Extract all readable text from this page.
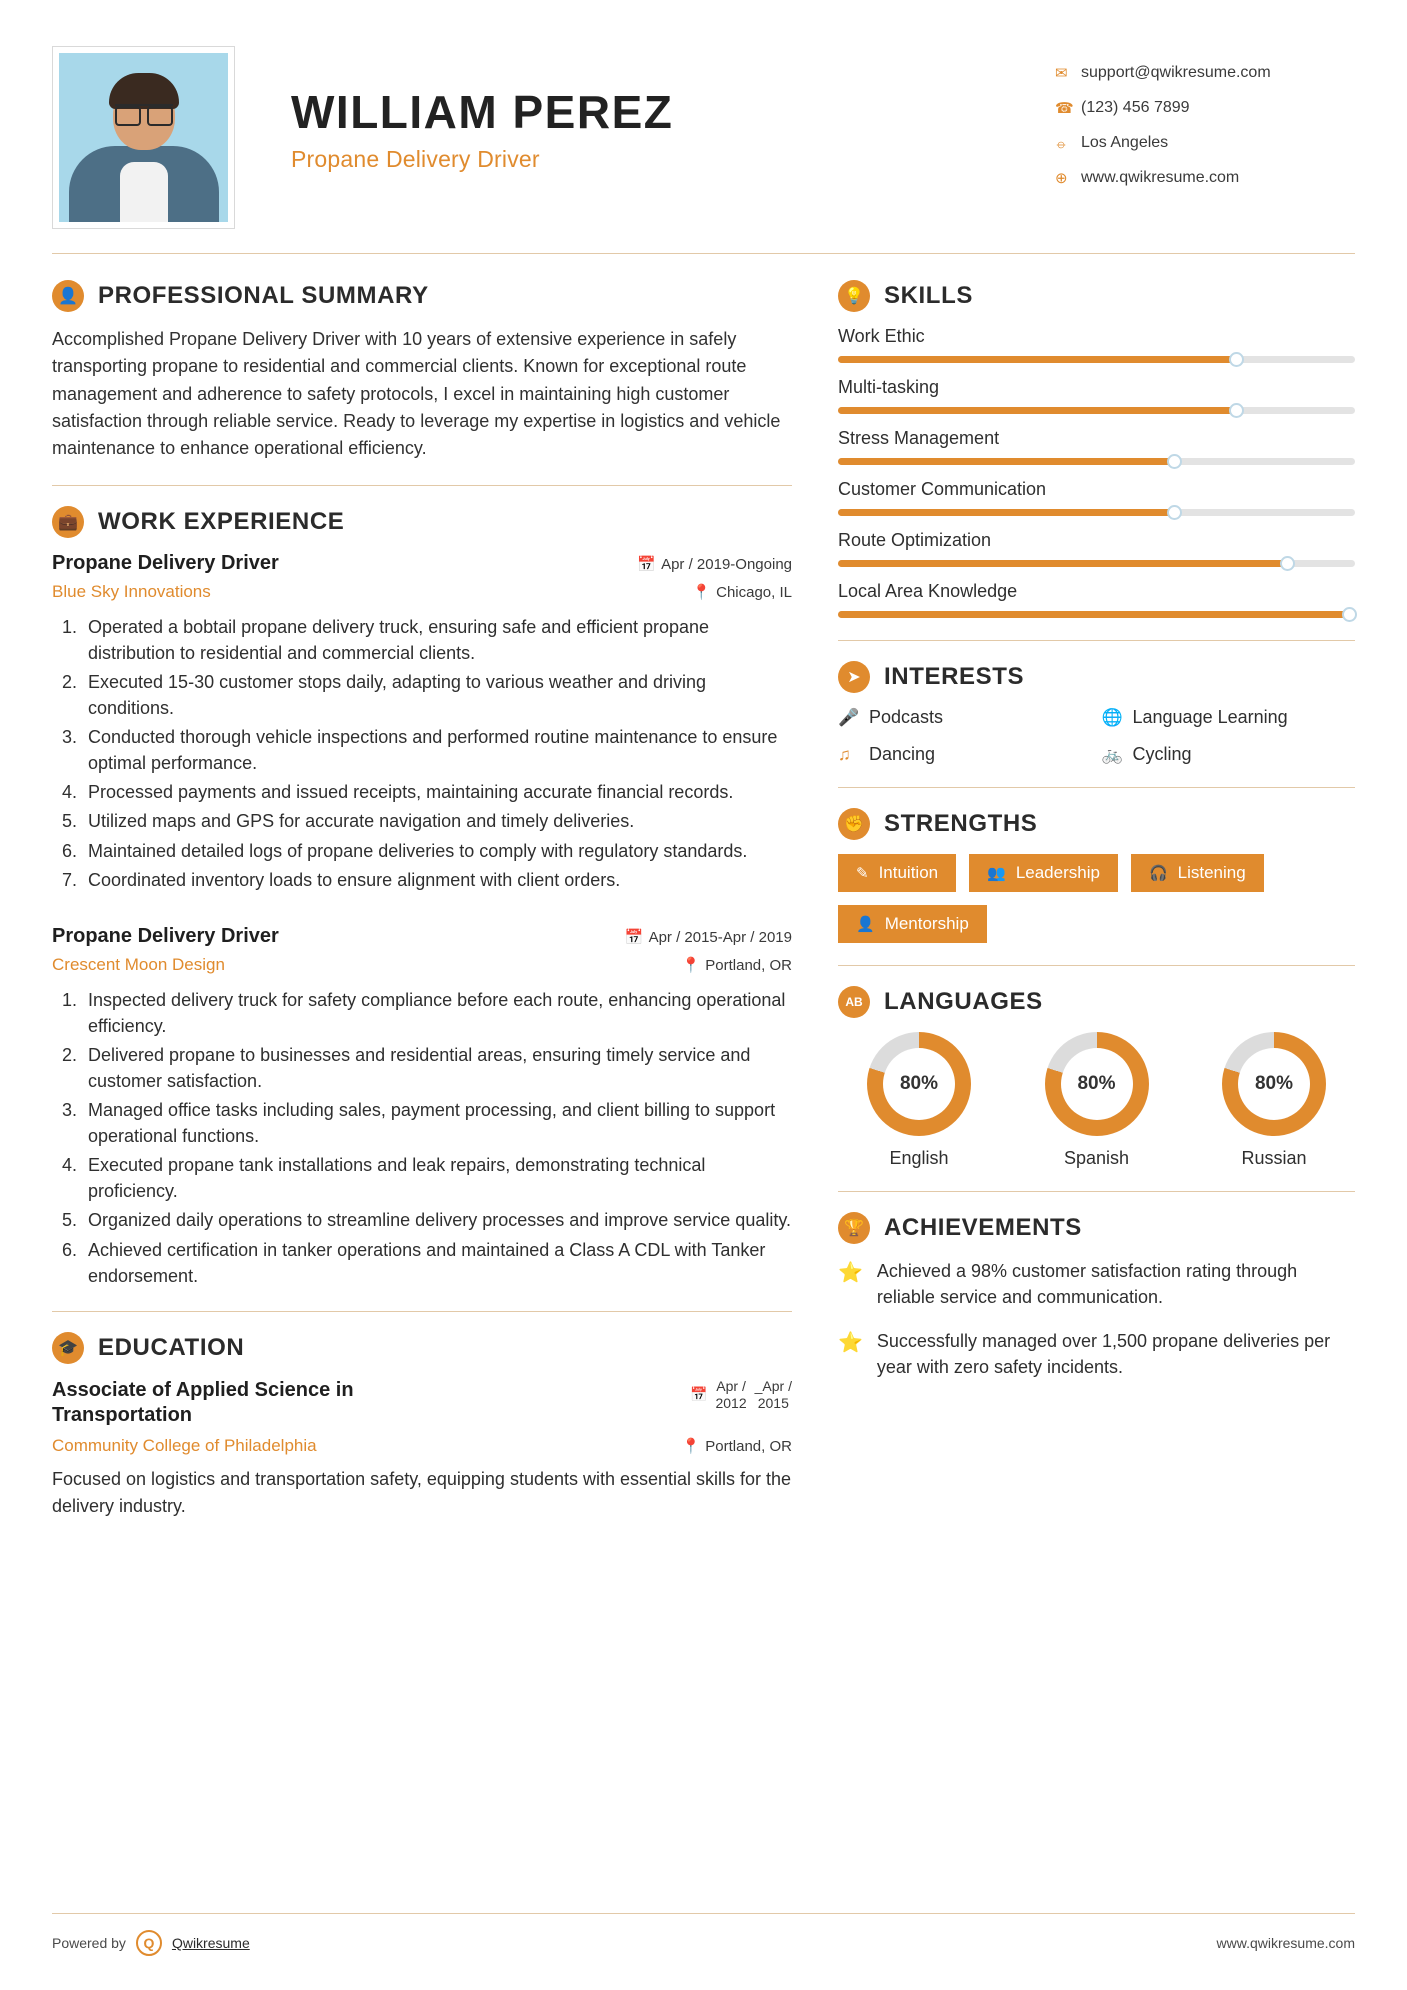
WILLIAM PEREZ
Propane Delivery Driver
✉ support@qwikresume.com
☎ (123) 456 7899
⦵ Los Angeles
⊕ www.qwikresume.com
👤 PROFESSIONAL SUMMARY
Accomplished Propane Delivery Driver with 10 years of extensive experience in safely transporting propane to residential and commercial clients. Known for exceptional route management and adherence to safety protocols, I excel in maintaining high customer satisfaction through reliable service. Ready to leverage my expertise in logistics and vehicle maintenance to enhance operational efficiency.
💼 WORK EXPERIENCE
Propane Delivery Driver	📅 Apr / 2019-Ongoing
Blue Sky Innovations	📍 Chicago, IL
1. Operated a bobtail propane delivery truck, ensuring safe and efficient propane distribution to residential and commercial clients.
2. Executed 15-30 customer stops daily, adapting to various weather and driving conditions.
3. Conducted thorough vehicle inspections and performed routine maintenance to ensure optimal performance.
4. Processed payments and issued receipts, maintaining accurate financial records.
5. Utilized maps and GPS for accurate navigation and timely deliveries.
6. Maintained detailed logs of propane deliveries to comply with regulatory standards.
7. Coordinated inventory loads to ensure alignment with client orders.
Propane Delivery Driver	📅 Apr / 2015-Apr / 2019
Crescent Moon Design	📍 Portland, OR
1. Inspected delivery truck for safety compliance before each route, enhancing operational efficiency.
2. Delivered propane to businesses and residential areas, ensuring timely service and customer satisfaction.
3. Managed office tasks including sales, payment processing, and client billing to support operational functions.
4. Executed propane tank installations and leak repairs, demonstrating technical proficiency.
5. Organized daily operations to streamline delivery processes and improve service quality.
6. Achieved certification in tanker operations and maintained a Class A CDL with Tanker endorsement.
🎓 EDUCATION
Associate of Applied Science in Transportation
📅
Apr /
2012
_Apr /
2015
Community College of Philadelphia	📍 Portland, OR
Focused on logistics and transportation safety, equipping students with essential skills for the delivery industry.
💡 SKILLS
Work Ethic
Multi-tasking
Stress Management
Customer Communication
Route Optimization
Local Area Knowledge
➤ INTERESTS
🎤 Podcasts	🌐 Language Learning
♫	Dancing	🚲 Cycling
✊ STRENGTHS
✎ Intuition	👥 Leadership	🎧 Listening
👤 Mentorship
AB LANGUAGES
80%
English
80%
Spanish
80%
Russian
🏆 ACHIEVEMENTS
⭐ Achieved a 98% customer satisfaction rating through reliable service and communication.
⭐ Successfully managed over 1,500 propane deliveries per year with zero safety incidents.
Powered by	Q	Qwikresume	www.qwikresume.com
